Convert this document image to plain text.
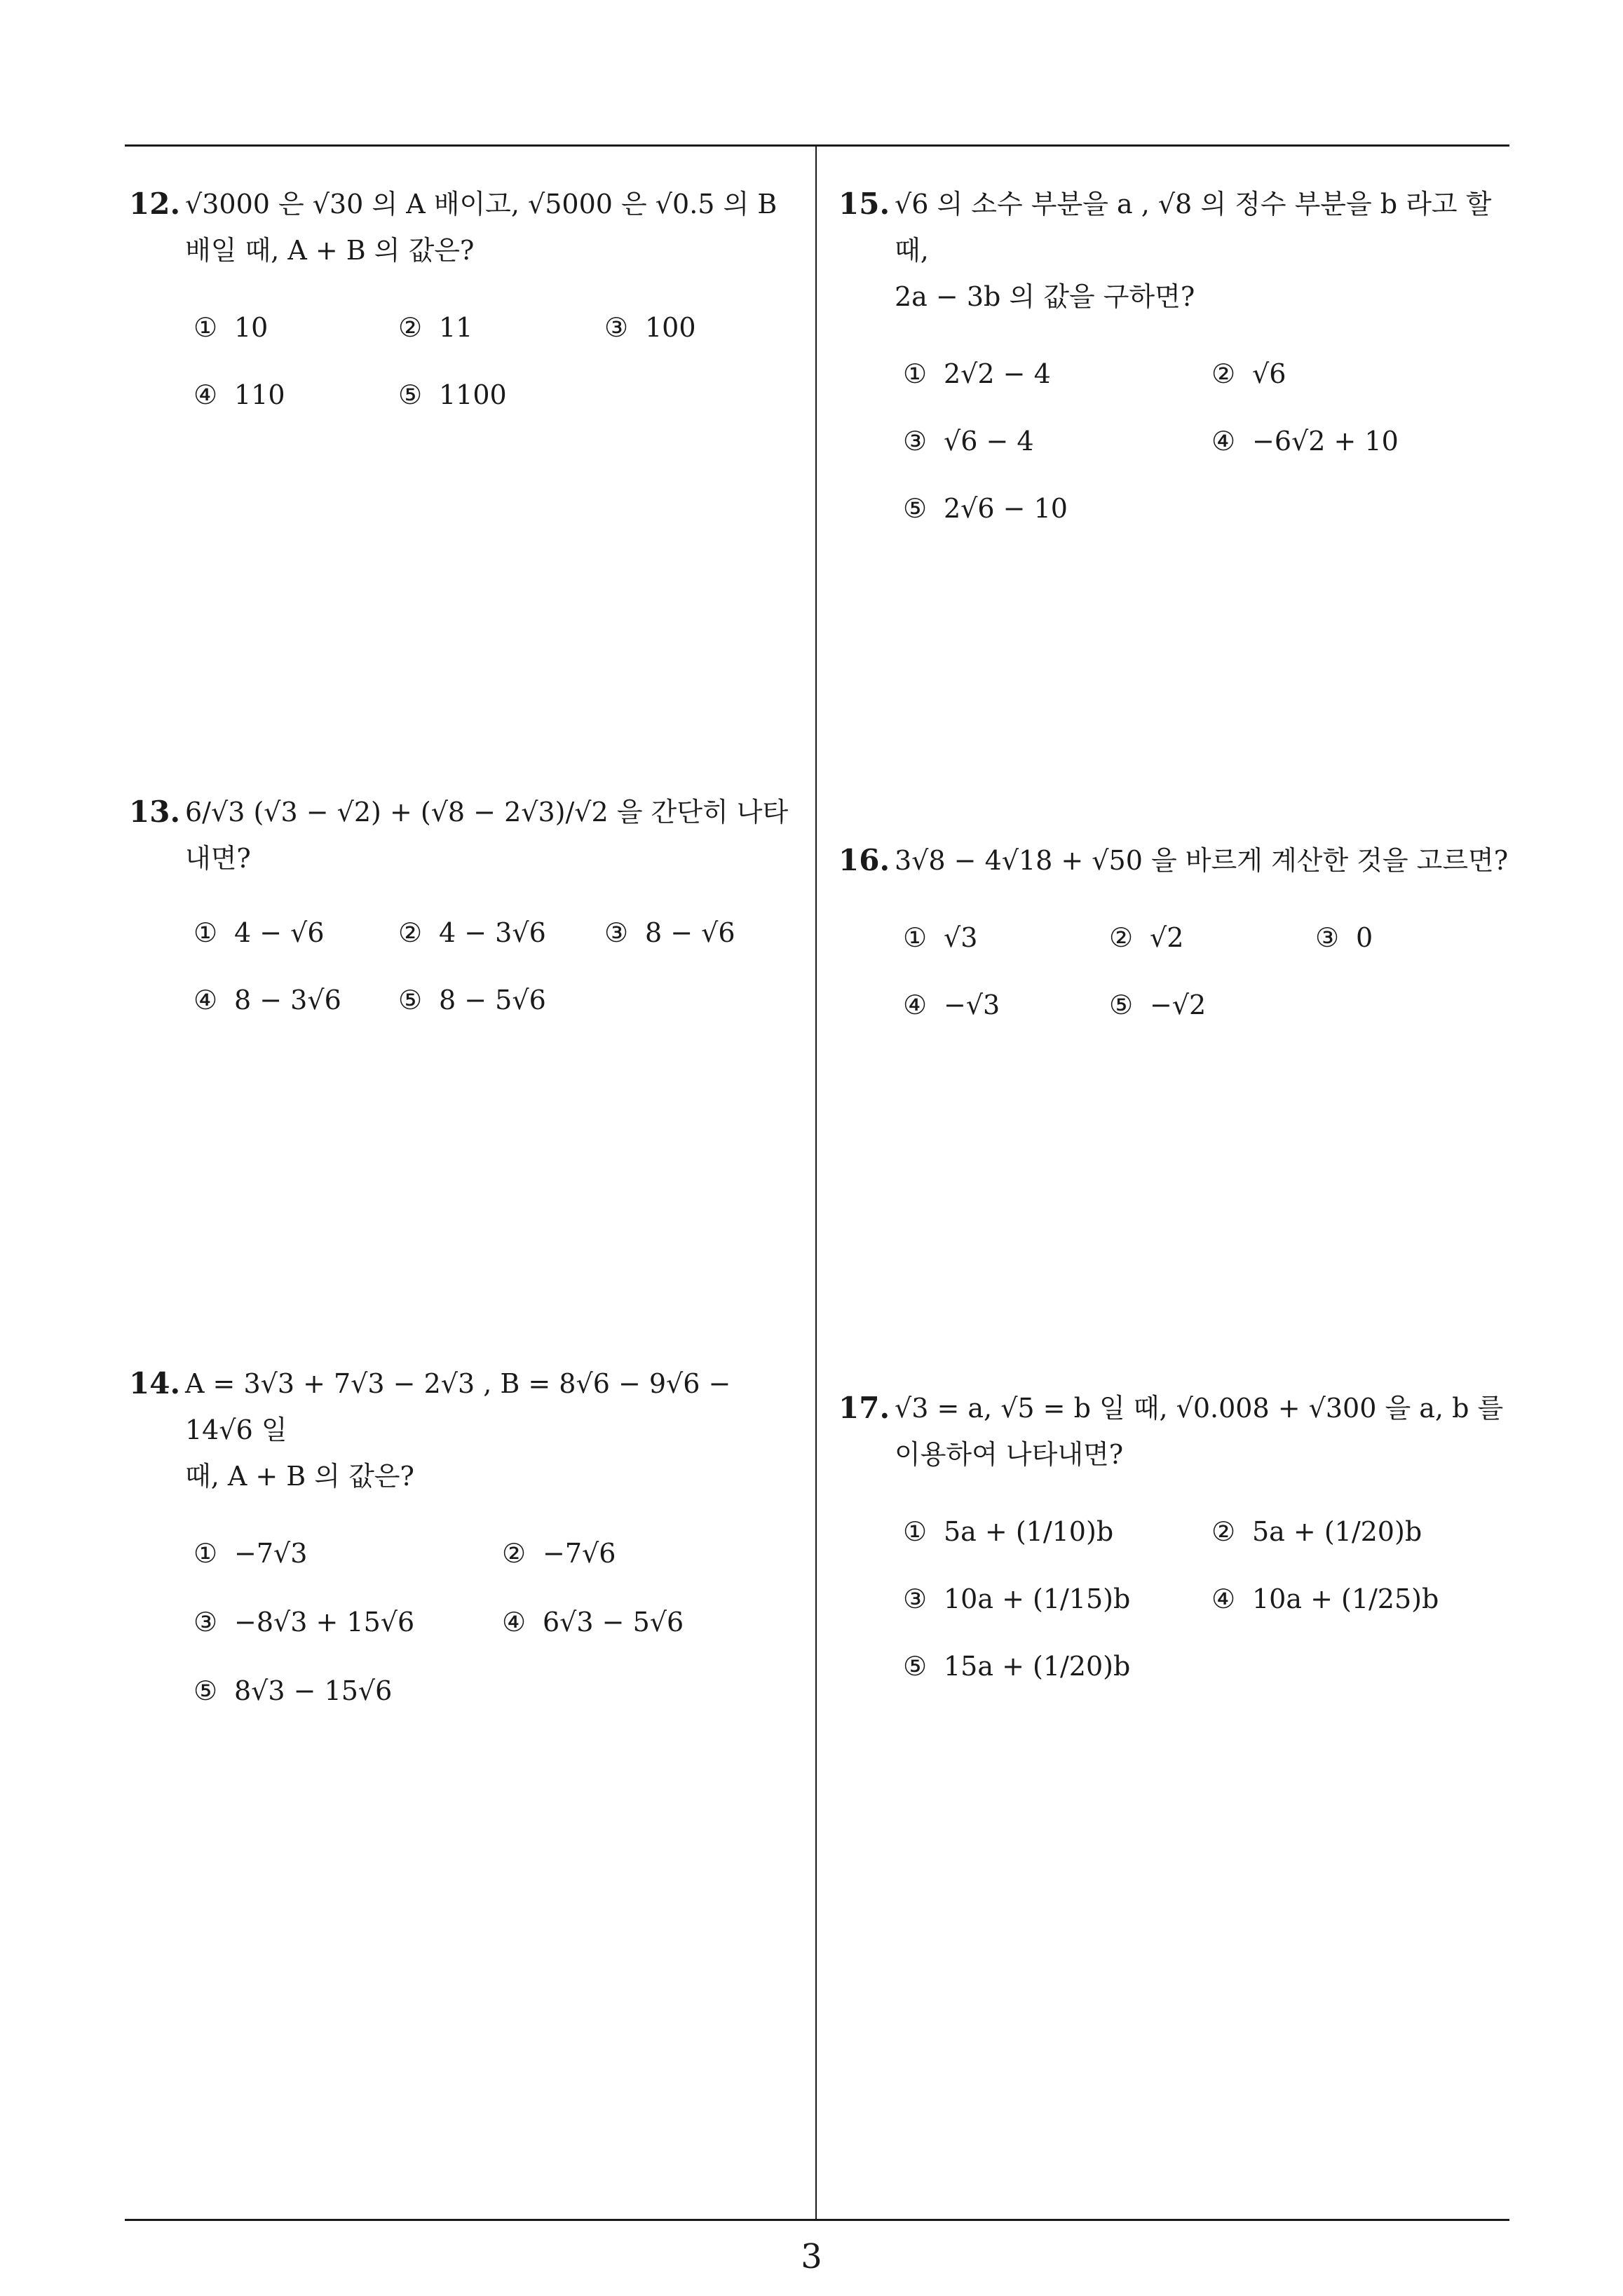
12. √3000 은 √30 의 A 배이고, √5000 은 √0.5 의 B
배일 때, A + B 의 값은?
① 10	② 11	③ 100
④ 110	⑤ 1100
13. 6/√3 (√3 − √2) + (√8 − 2√3)/√2 을 간단히 나타내면?
① 4 − √6	② 4 − 3√6 ③ 8 − √6
④ 8 − 3√6 ⑤ 8 − 5√6
14. A = 3√3 + 7√3 − 2√3 , B = 8√6 − 9√6 − 14√6 일
때, A + B 의 값은?
① −7√3	② −7√6
③ −8√3 + 15√6	④ 6√3 − 5√6
⑤ 8√3 − 15√6
15. √6 의 소수 부분을 a , √8 의 정수 부분을 b 라고 할 때,
2a − 3b 의 값을 구하면?
① 2√2 − 4	② √6
③ √6 − 4	④ −6√2 + 10
⑤ 2√6 − 10
16. 3√8 − 4√18 + √50 을 바르게 계산한 것을 고르면?
① √3	② √2	③ 0
④ −√3	⑤ −√2
17. √3 = a, √5 = b 일 때, √0.008 + √300 을 a, b 를
이용하여 나타내면?
① 5a + (1/10)b	② 5a + (1/20)b
③ 10a + (1/15)b	④ 10a + (1/25)b
⑤ 15a + (1/20)b
3
